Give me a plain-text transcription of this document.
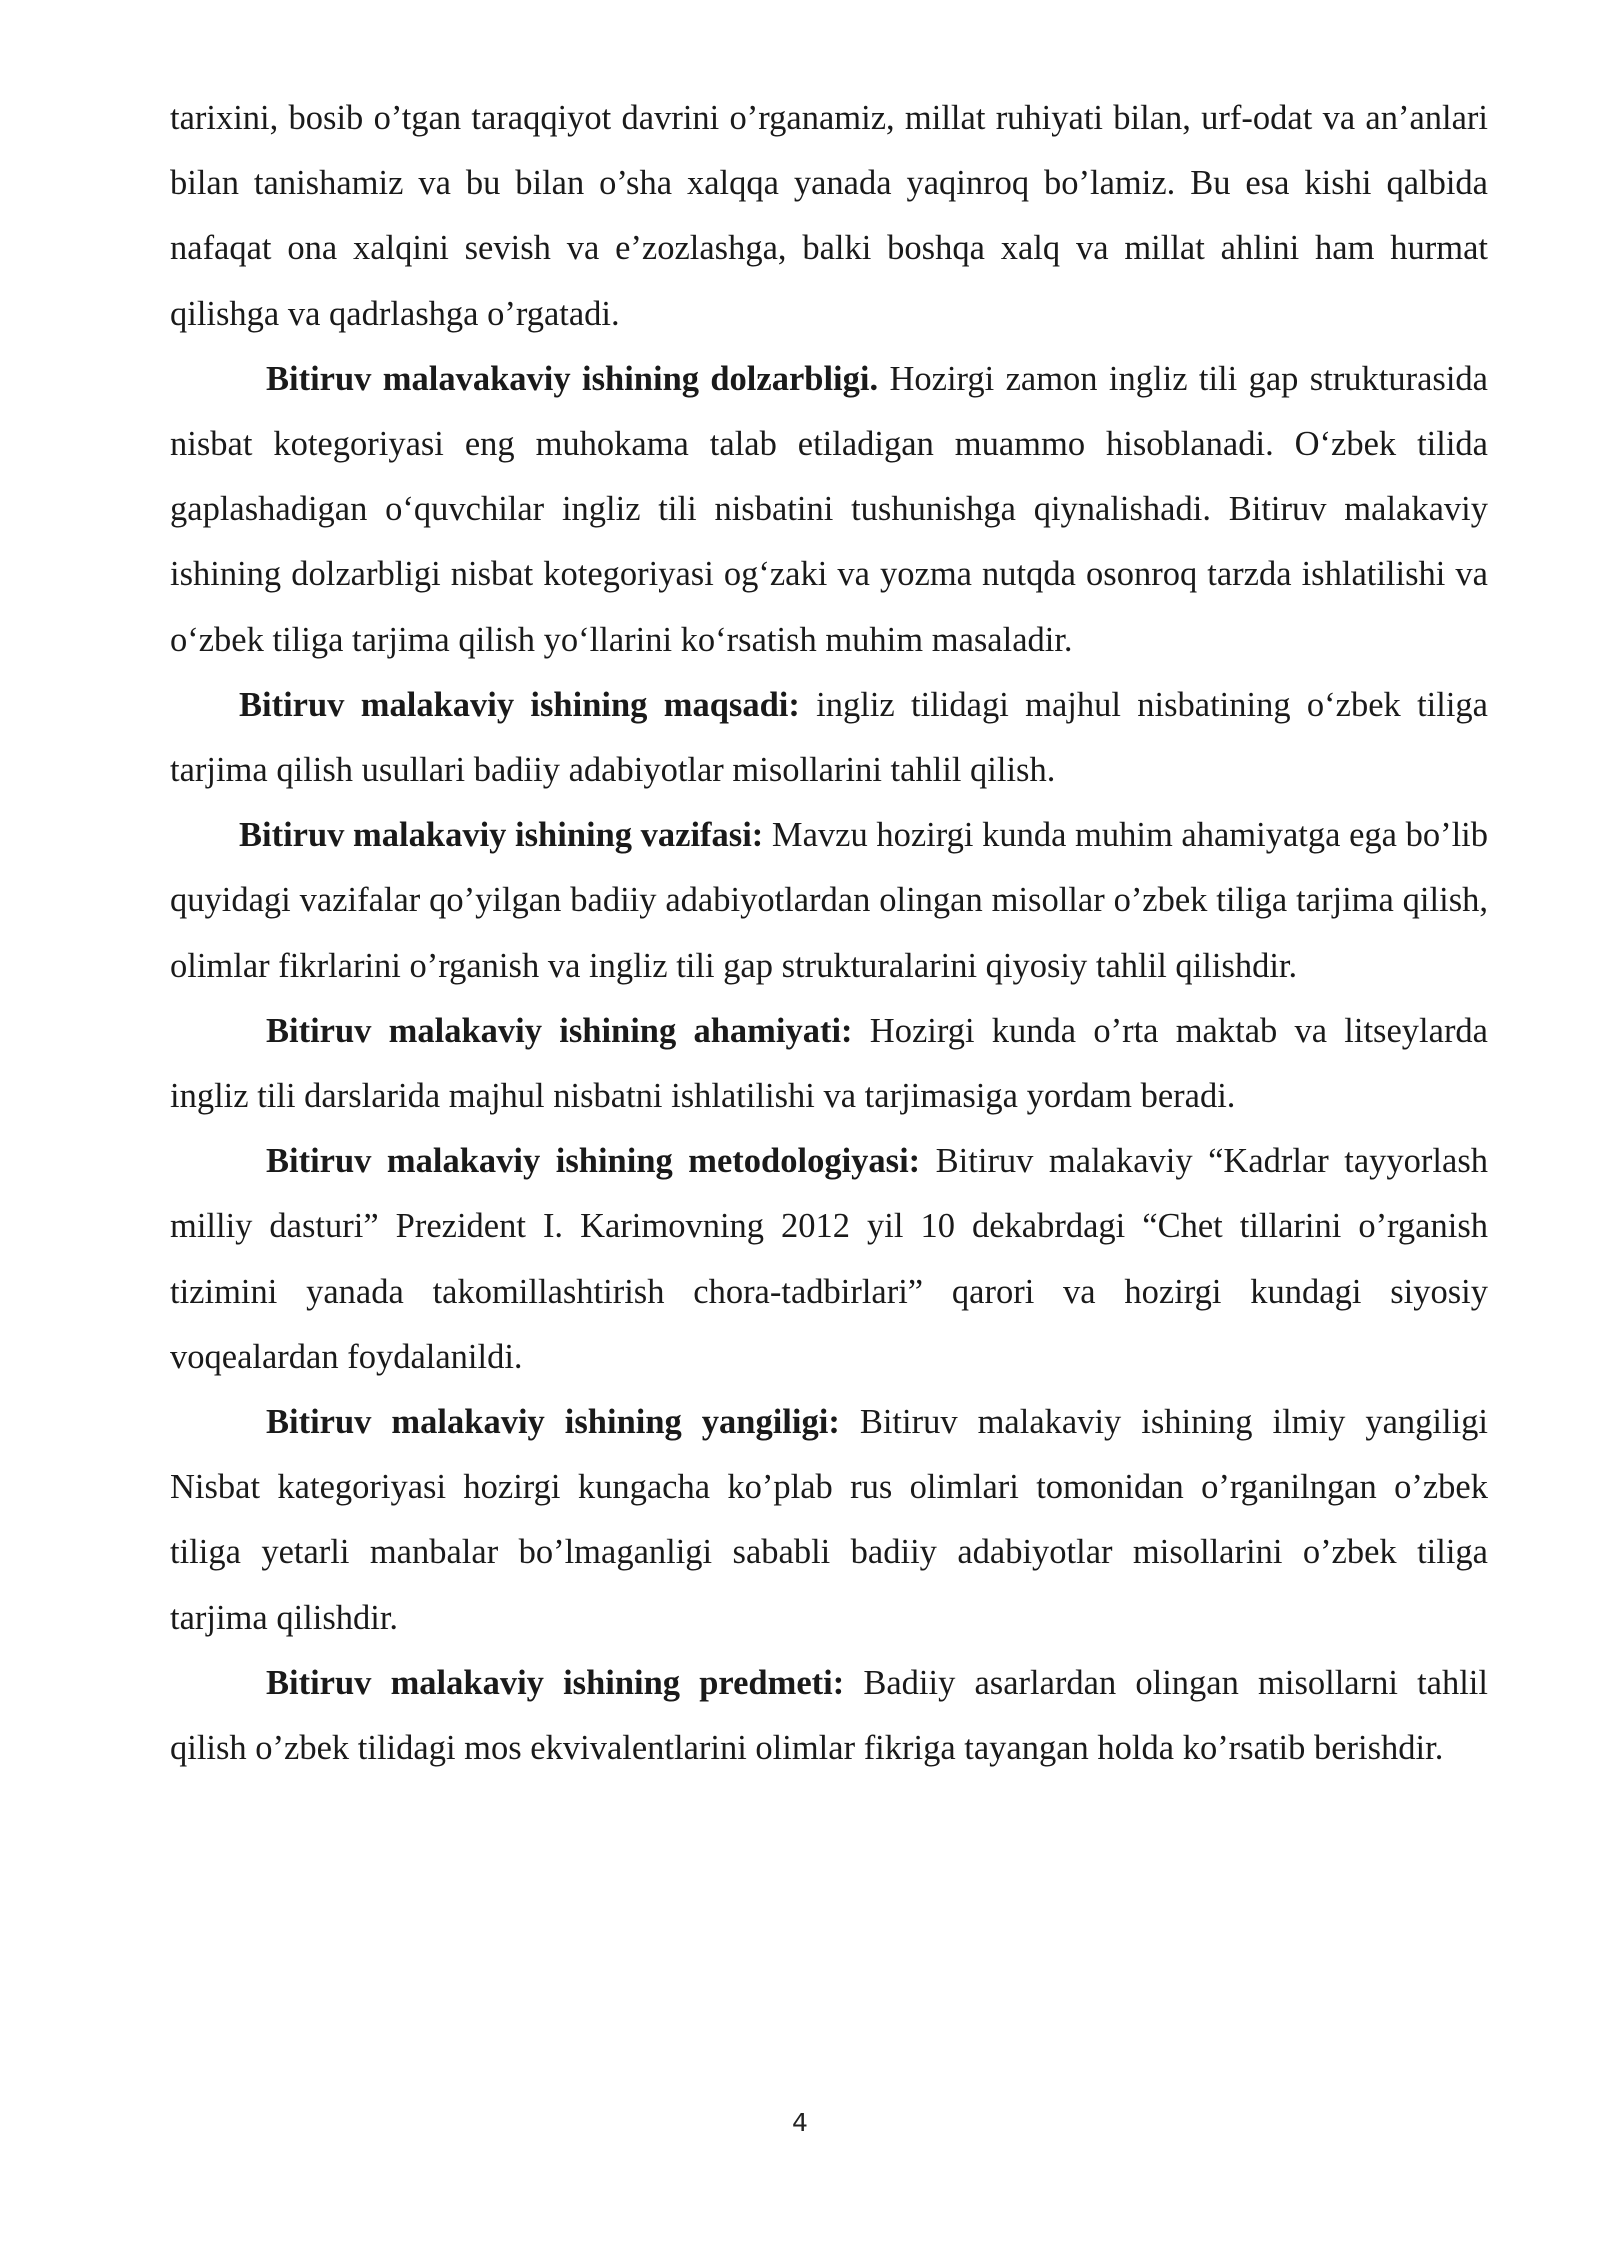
tarixini, bosib o’tgan taraqqiyot davrini o’rganamiz, millat ruhiyati bilan, urf-odat va an’anlari bilan tanishamiz va bu bilan o’sha xalqqa yanada yaqinroq bo’lamiz. Bu esa kishi qalbida nafaqat ona xalqini sevish va e’zozlashga, balki boshqa xalq va millat ahlini ham hurmat qilishga va qadrlashga o’rgatadi.

Bitiruv malavakaviy ishining dolzarbligi. Hozirgi zamon ingliz tili gap strukturasida nisbat kotegoriyasi eng muhokama talab etiladigan muammo hisoblanadi. O‘zbek tilida gaplashadigan o‘quvchilar ingliz tili nisbatini tushunishga qiynalishadi. Bitiruv malakaviy ishining dolzarbligi nisbat kotegoriyasi og‘zaki va yozma nutqda osonroq tarzda ishlatilishi va o‘zbek tiliga tarjima qilish yo‘llarini ko‘rsatish muhim masaladir.

Bitiruv malakaviy ishining maqsadi: ingliz tilidagi majhul nisbatining o‘zbek tiliga tarjima qilish usullari badiiy adabiyotlar misollarini tahlil qilish.

Bitiruv malakaviy ishining vazifasi: Mavzu hozirgi kunda muhim ahamiyatga ega bo’lib quyidagi vazifalar qo’yilgan badiiy adabiyotlardan olingan misollar o’zbek tiliga tarjima qilish, olimlar fikrlarini o’rganish va ingliz tili gap strukturalarini qiyosiy tahlil qilishdir.

Bitiruv malakaviy ishining ahamiyati: Hozirgi kunda o’rta maktab va litseylarda ingliz tili darslarida majhul nisbatni ishlatilishi va tarjimasiga yordam beradi.

Bitiruv malakaviy ishining metodologiyasi: Bitiruv malakaviy “Kadrlar tayyorlash milliy dasturi” Prezident I. Karimovning 2012 yil 10 dekabrdagi “Chet tillarini o’rganish tizimini yanada takomillashtirish chora-tadbirlari” qarori va hozirgi kundagi siyosiy voqealardan foydalanildi.

Bitiruv malakaviy ishining yangiligi: Bitiruv malakaviy ishining ilmiy yangiligi Nisbat kategoriyasi hozirgi kungacha ko’plab rus olimlari tomonidan o’rganilngan o’zbek tiliga yetarli manbalar bo’lmaganligi sababli badiiy adabiyotlar misollarini o’zbek tiliga tarjima qilishdir.

Bitiruv malakaviy ishining predmeti: Badiiy asarlardan olingan misollarni tahlil qilish o’zbek tilidagi mos ekvivalentlarini olimlar fikriga tayangan holda ko’rsatib berishdir.

4
